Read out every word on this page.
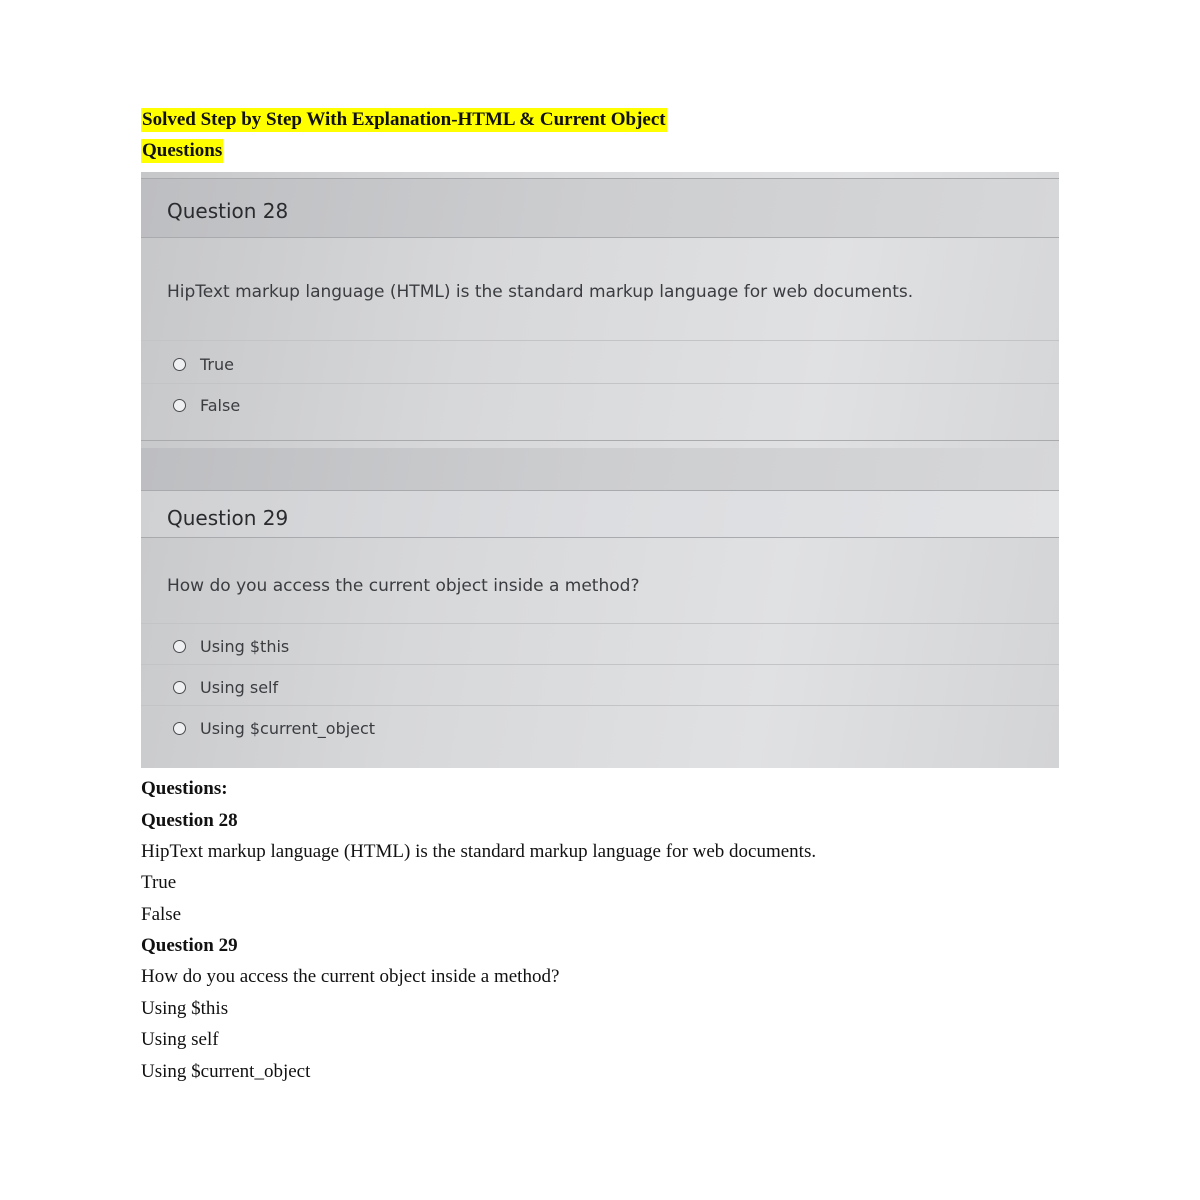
Solved Step by Step With Explanation-HTML & Current Object
Questions
Question 28
HipText markup language (HTML) is the standard markup language for web documents.
True
False
Question 29
How do you access the current object inside a method?
Using $this
Using self
Using $current_object
Questions:
Question 28
HipText markup language (HTML) is the standard markup language for web documents.
True
False
Question 29
How do you access the current object inside a method?
Using $this
Using self
Using $current_object
